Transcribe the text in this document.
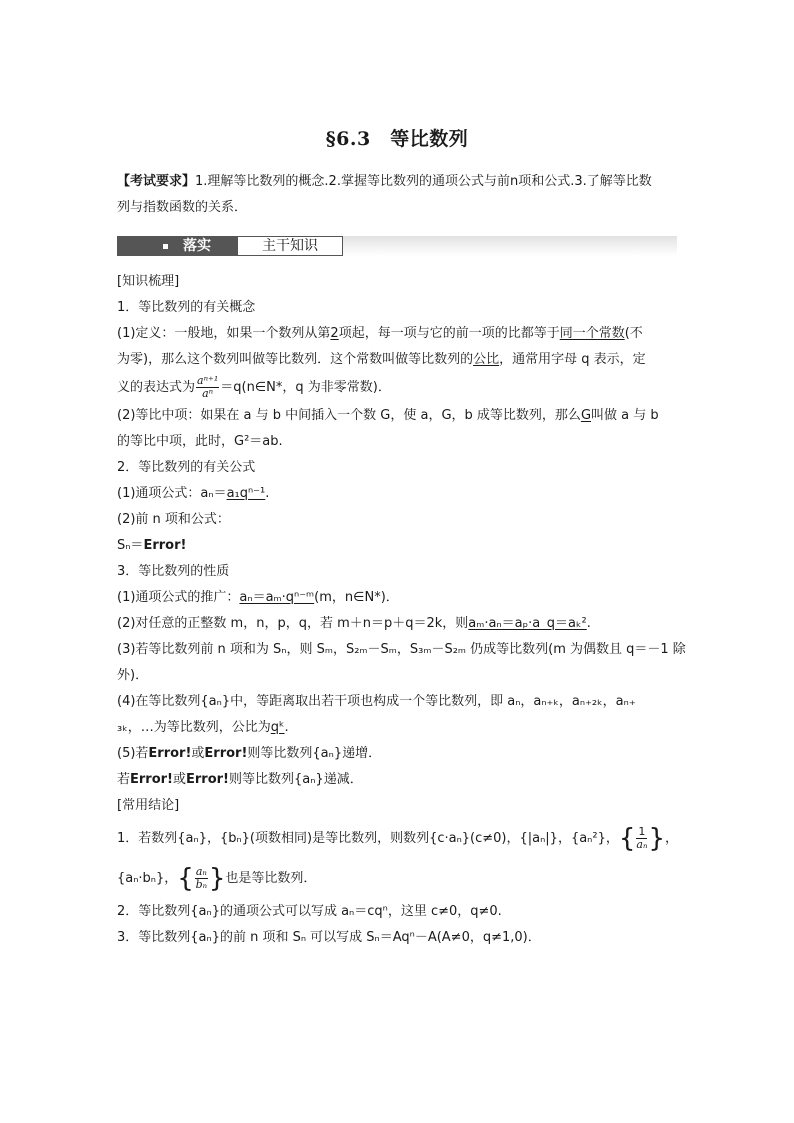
§6.3　等比数列
【考试要求】1.理解等比数列的概念.2.掌握等比数列的通项公式与前n项和公式.3.了解等比数
列与指数函数的关系．
落实	主干知识
[知识梳理]
1．等比数列的有关概念
(1)定义：一般地，如果一个数列从第2项起，每一项与它的前一项的比都等于同一个常数(不
为零)，那么这个数列叫做等比数列．这个常数叫做等比数列的公比，通常用字母 q 表示，定
义的表达式为 $\frac{\text{aⁿ⁺¹}}{\text{aⁿ}}$ ＝q(n∈N*，q 为非零常数)．
(2)等比中项：如果在 a 与 b 中间插入一个数 G，使 a，G，b 成等比数列，那么G叫做 a 与 b
的等比中项，此时，G²＝ab.
2．等比数列的有关公式
(1)通项公式：aₙ＝a₁qⁿ⁻¹.
(2)前 n 项和公式：
Sₙ＝Error!
3．等比数列的性质
(1)通项公式的推广：aₙ＝aₘ·qⁿ⁻ᵐ(m，n∈N*)．
(2)对任意的正整数 m，n，p，q，若 m＋n＝p＋q＝2k，则aₘ·aₙ＝aₚ·a_q＝aₖ².
(3)若等比数列前 n 项和为 Sₙ，则 Sₘ，S₂ₘ－Sₘ，S₃ₘ－S₂ₘ 仍成等比数列(m 为偶数且 q＝－1 除
外)．
(4)在等比数列{aₙ}中，等距离取出若干项也构成一个等比数列，即 aₙ，aₙ₊ₖ，aₙ₊₂ₖ，aₙ₊
₃ₖ，…为等比数列，公比为qᵏ.
(5)若Error!或Error!则等比数列{aₙ}递增．
若Error!或Error!则等比数列{aₙ}递减．
[常用结论]
1．若数列{aₙ}，{bₙ}(项数相同)是等比数列，则数列{c·aₙ}(c≠0)，{|aₙ|}，{aₙ²}，{ $\frac{1}{\text{aₙ}}$ }，
{aₙ·bₙ}，{ $\frac{\text{aₙ}}{\text{bₙ}}$ }也是等比数列．
2．等比数列{aₙ}的通项公式可以写成 aₙ＝cqⁿ，这里 c≠0，q≠0.
3．等比数列{aₙ}的前 n 项和 Sₙ 可以写成 Sₙ＝Aqⁿ－A(A≠0，q≠1,0)．
